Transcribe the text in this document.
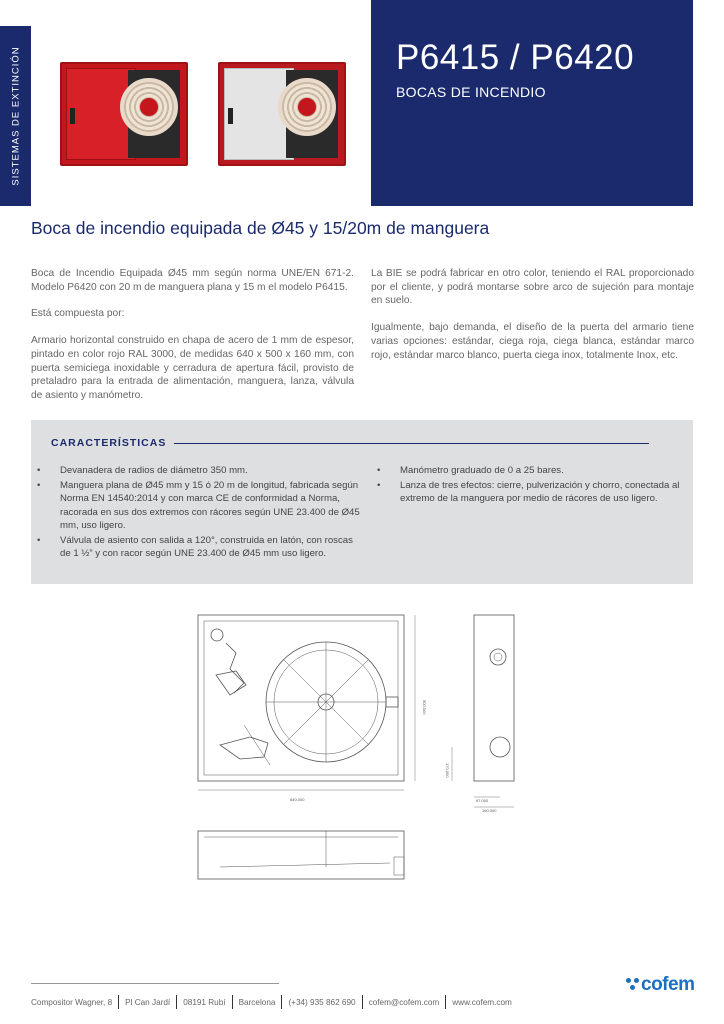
SISTEMAS DE EXTINCIÓN	P6415 / P6420
BOCAS DE INCENDIO
Boca de incendio equipada de Ø45 y 15/20m de manguera

Boca de Incendio Equipada Ø45 mm según norma UNE/EN 671-2. Modelo P6420 con 20 m de manguera plana y 15 m el modelo P6415.

Está compuesta por:

Armario horizontal construido en chapa de acero de 1 mm de espesor, pintado en color rojo RAL 3000, de medidas 640 x 500 x 160 mm, con puerta semiciega inoxidable y cerradura de apertura fácil, provisto de pretaladro para la entrada de alimentación, manguera, lanza, válvula de asiento y manómetro.

La BIE se podrá fabricar en otro color, teniendo el RAL proporcionado por el cliente, y podrá montarse sobre arco de sujeción para montaje en suelo.

Igualmente, bajo demanda, el diseño de la puerta del armario tiene varias opciones: estándar, ciega roja, ciega blanca, estándar marco rojo, estándar marco blanco, puerta ciega inox, totalmente Inox, etc.

CARACTERÍSTICAS
• Devanadera de radios de diámetro 350 mm.
• Manguera plana de Ø45 mm y 15 ó 20 m de longitud, fabricada según Norma EN 14540:2014 y con marca CE de conformidad a Norma, racorada en sus dos extremos con rácores según UNE 23.400 de Ø45 mm, uso ligero.
• Válvula de asiento con salida a 120°, construida en latón, con roscas de 1 ½” y con racor según UNE 23.400 de Ø45 mm uso ligero.
• Manómetro graduado de 0 a 25 bares.
• Lanza de tres efectos: cierre, pulverización y chorro, conectada al extremo de la manguera por medio de rácores de uso ligero.
640.000
500.000
170.000
67.000
160.000
Compositor Wagner, 8 Pl Can Jardí 08191 Rubí Barcelona (+34) 935 862 690 cofem@cofem.com www.cofem.com
cofem
